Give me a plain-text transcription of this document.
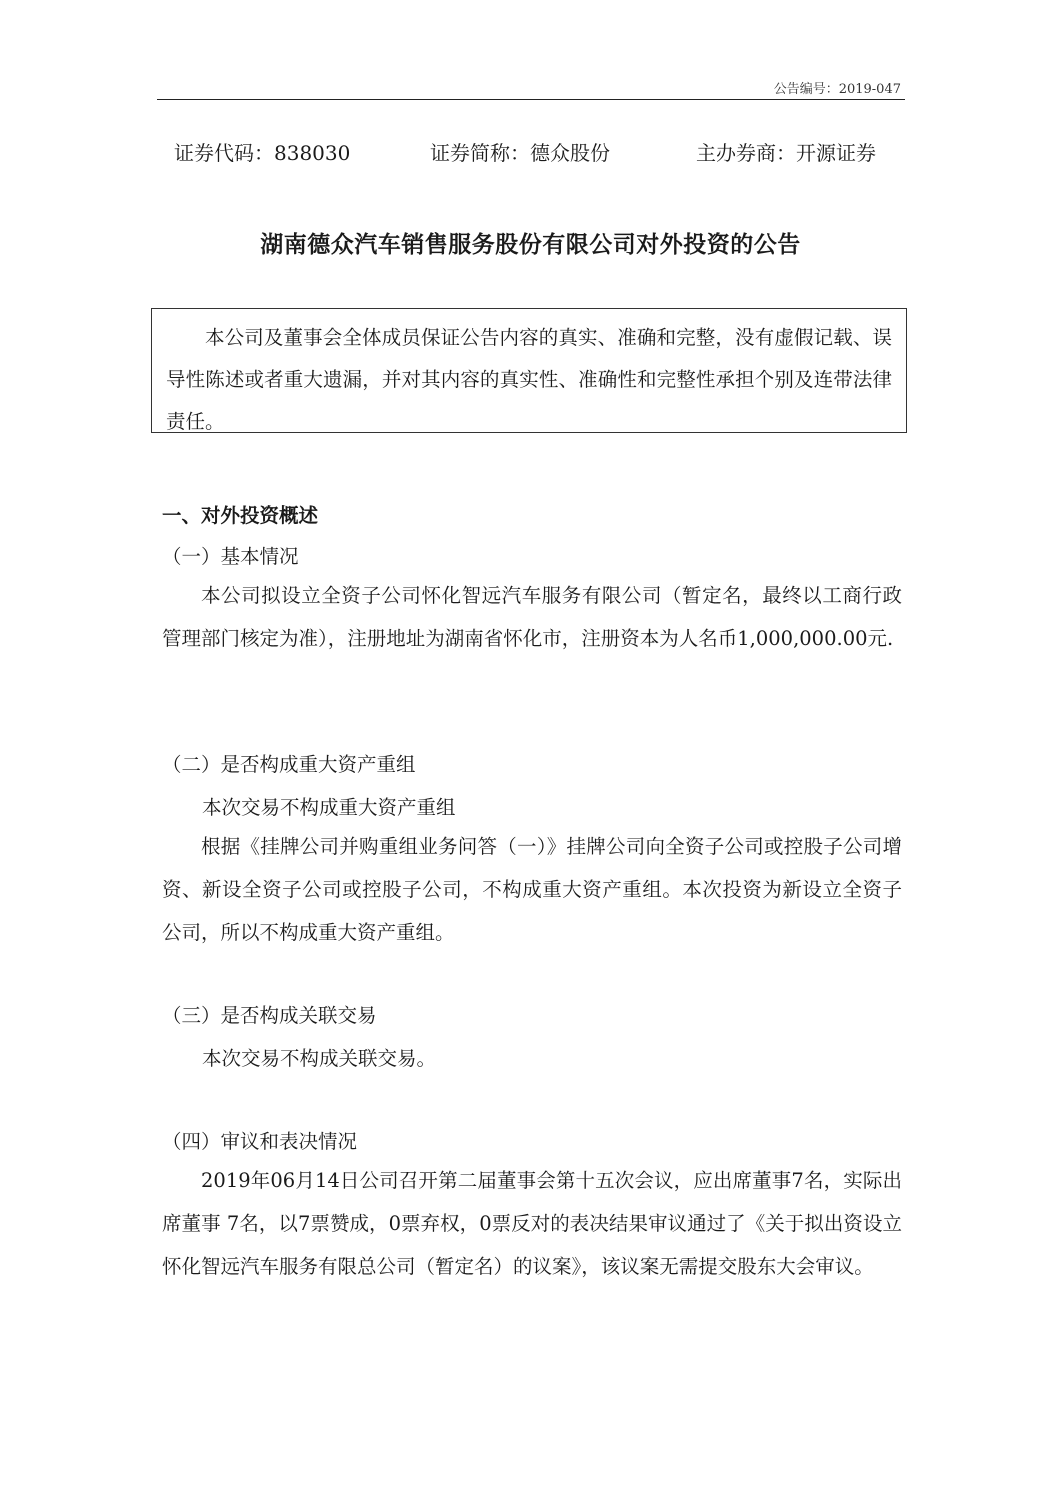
公告编号：2019-047
证券代码：838030	证券简称：德众股份	主办券商：开源证券
湖南德众汽车销售服务股份有限公司对外投资的公告
本公司及董事会全体成员保证公告内容的真实、准确和完整，没有虚假记载、误导性陈述或者重大遗漏，并对其内容的真实性、准确性和完整性承担个别及连带法律责任。
一、对外投资概述
（一）基本情况

本公司拟设立全资子公司怀化智远汽车服务有限公司（暂定名，最终以工商行政管理部门核定为准），注册地址为湖南省怀化市，注册资本为人名币1,000,000.00元.

（二）是否构成重大资产重组
本次交易不构成重大资产重组

根据《挂牌公司并购重组业务问答（一）》挂牌公司向全资子公司或控股子公司增资、新设全资子公司或控股子公司，不构成重大资产重组。本次投资为新设立全资子公司，所以不构成重大资产重组。

（三）是否构成关联交易
本次交易不构成关联交易。
（四）审议和表决情况

2019年06月14日公司召开第二届董事会第十五次会议，应出席董事7名，实际出席董事 7名，以7票赞成，0票弃权，0票反对的表决结果审议通过了《关于拟出资设立怀化智远汽车服务有限总公司（暂定名）的议案》，该议案无需提交股东大会审议。
